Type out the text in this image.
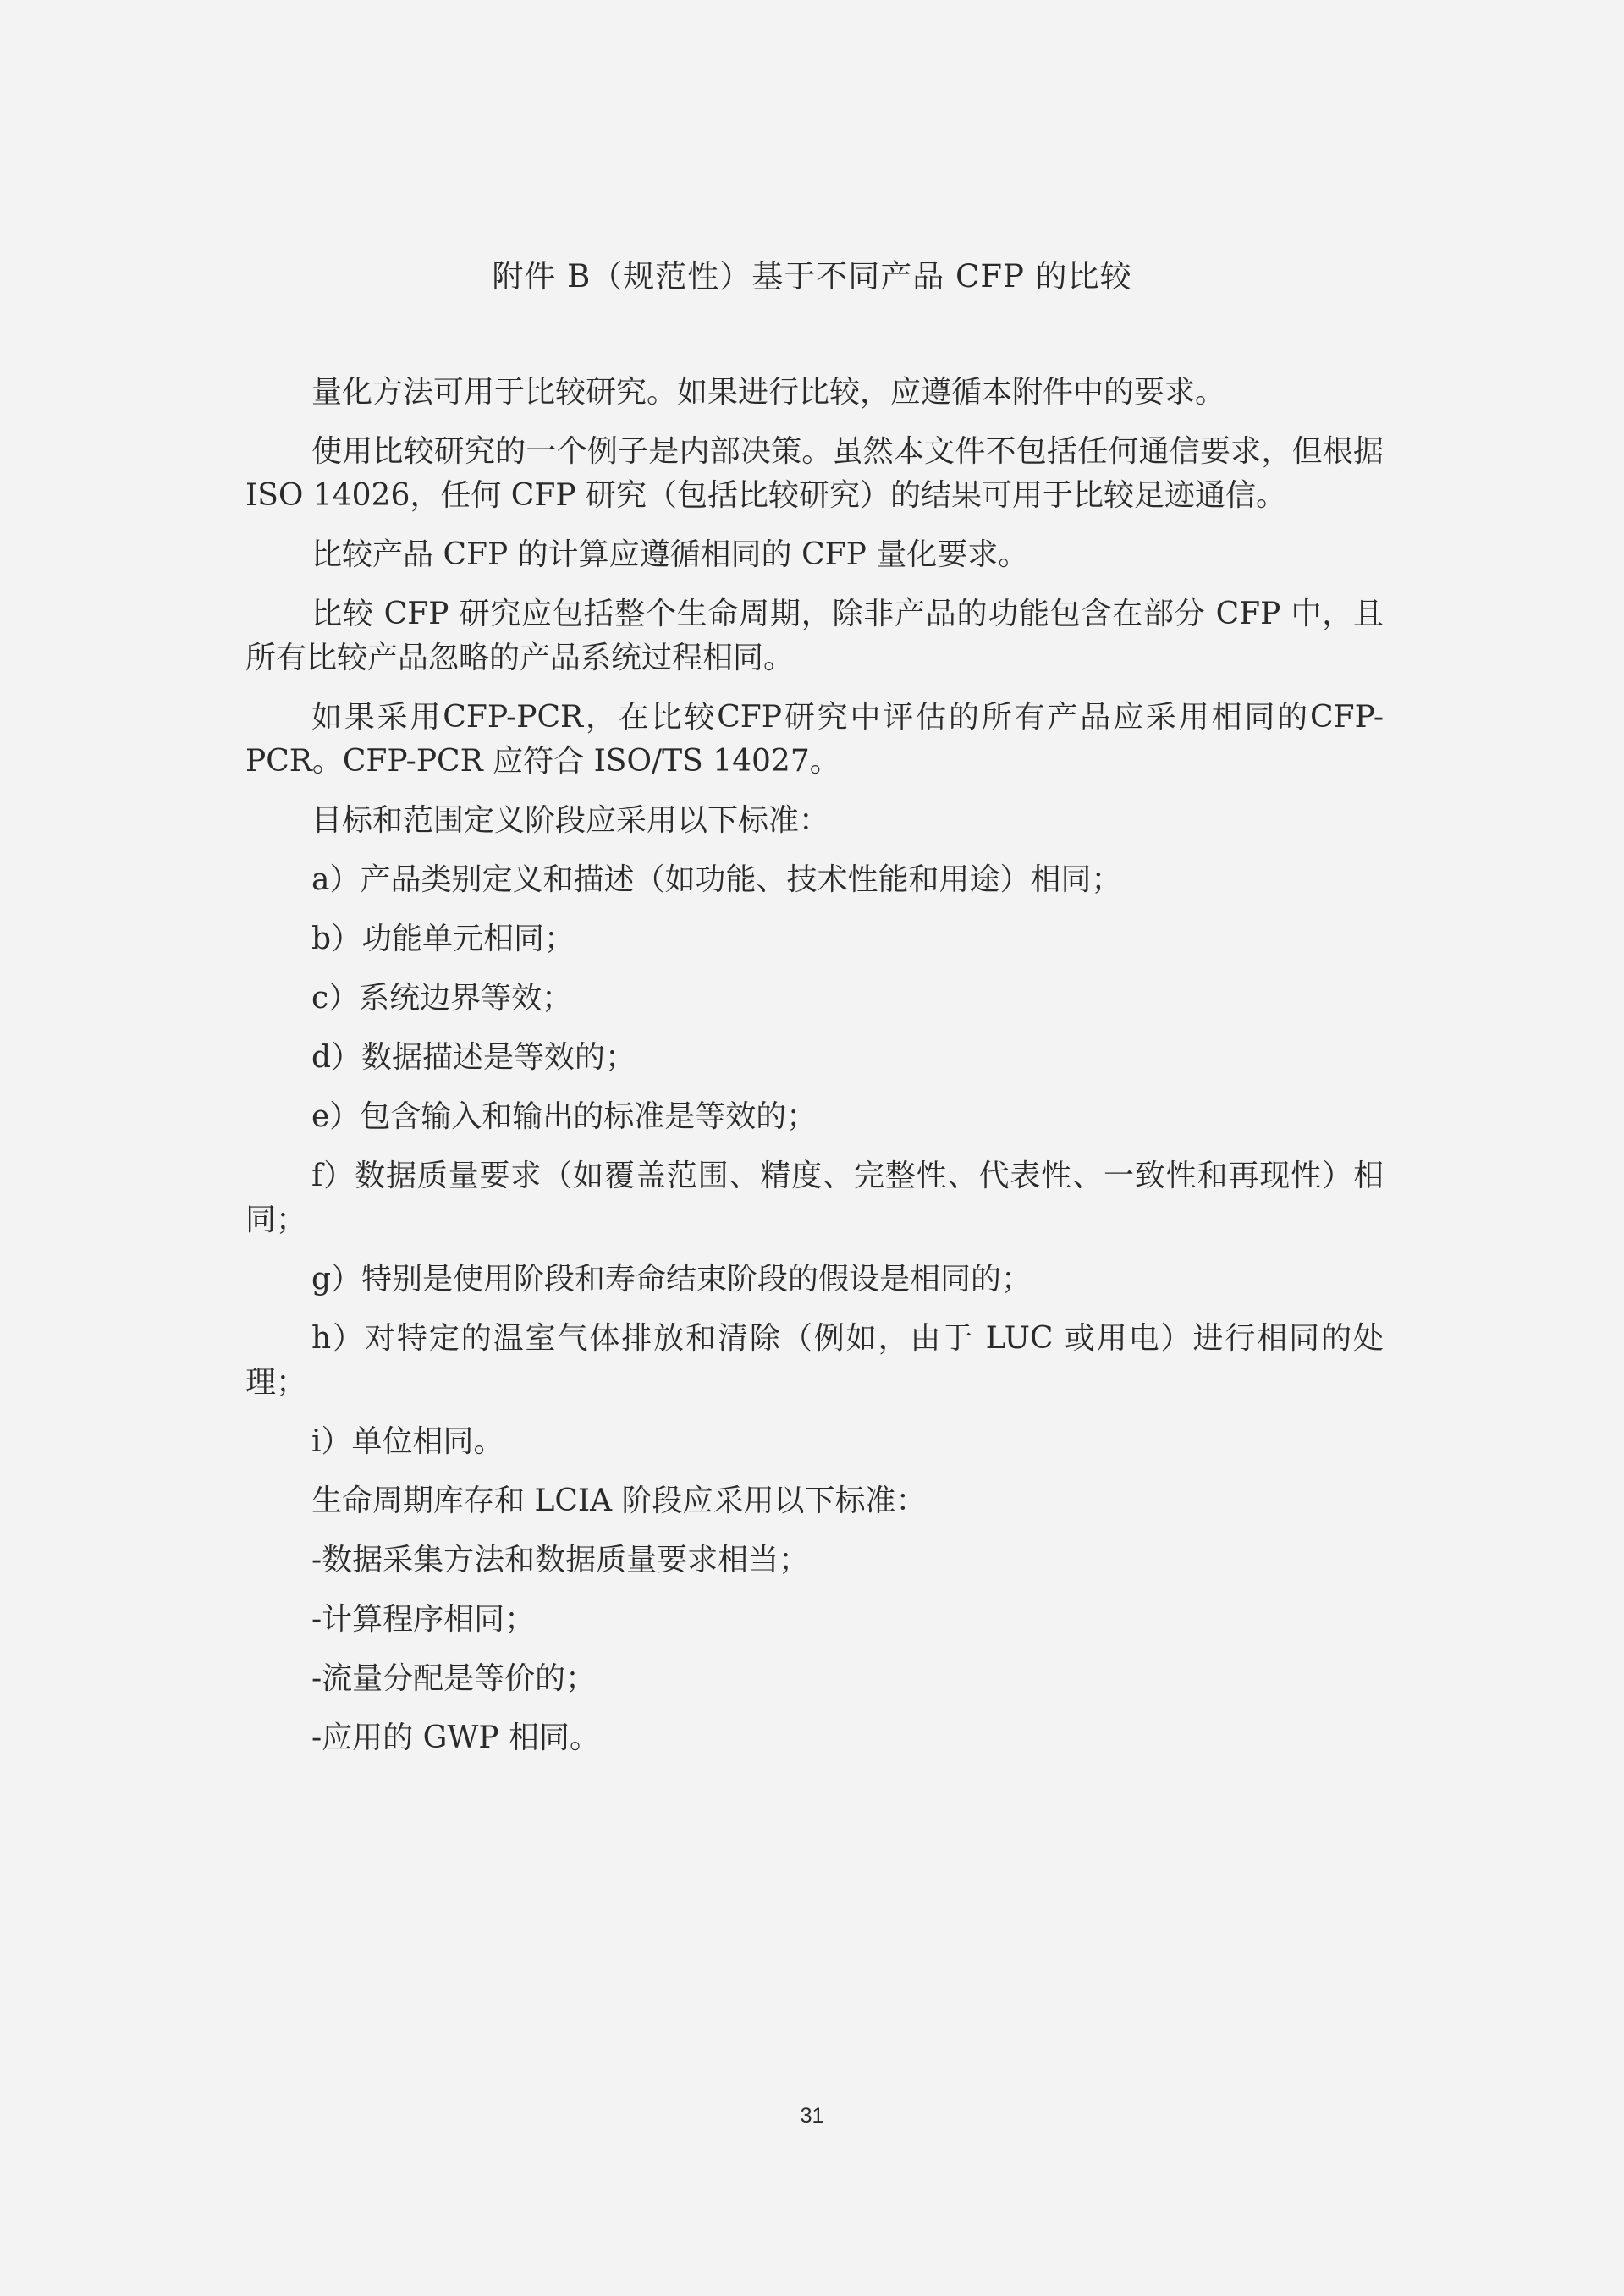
附件 B（规范性）基于不同产品 CFP 的比较

量化方法可用于比较研究。如果进行比较，应遵循本附件中的要求。

使用比较研究的一个例子是内部决策。虽然本文件不包括任何通信要求，但根据 ISO 14026，任何 CFP 研究（包括比较研究）的结果可用于比较足迹通信。

比较产品 CFP 的计算应遵循相同的 CFP 量化要求。

比较 CFP 研究应包括整个生命周期，除非产品的功能包含在部分 CFP 中，且所有比较产品忽略的产品系统过程相同。

如果采用CFP-PCR，在比较CFP研究中评估的所有产品应采用相同的CFP-PCR。CFP-PCR 应符合 ISO/TS 14027。

目标和范围定义阶段应采用以下标准：

a）产品类别定义和描述（如功能、技术性能和用途）相同；

b）功能单元相同；

c）系统边界等效；

d）数据描述是等效的；

e）包含输入和输出的标准是等效的；

f）数据质量要求（如覆盖范围、精度、完整性、代表性、一致性和再现性）相同；

g）特别是使用阶段和寿命结束阶段的假设是相同的；

h）对特定的温室气体排放和清除（例如，由于 LUC 或用电）进行相同的处理；

i）单位相同。

生命周期库存和 LCIA 阶段应采用以下标准：

-数据采集方法和数据质量要求相当；

-计算程序相同；

-流量分配是等价的；

-应用的 GWP 相同。

31
